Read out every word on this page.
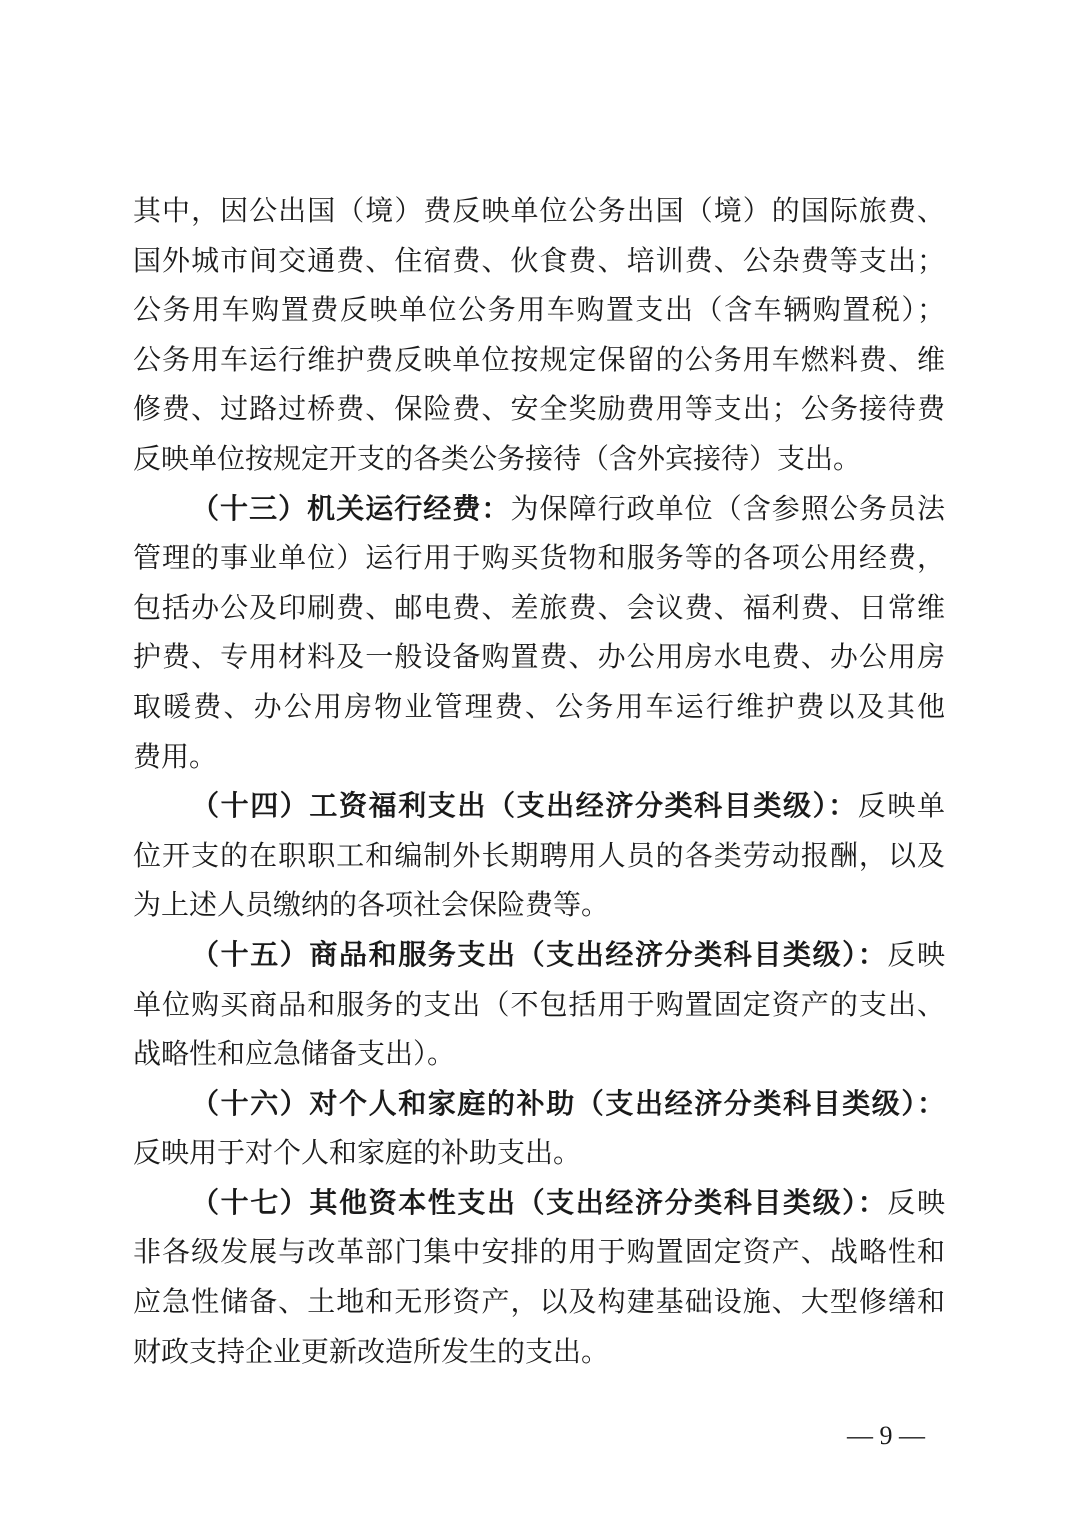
其中，因公出国（境）费反映单位公务出国（境）的国际旅费、
国外城市间交通费、住宿费、伙食费、培训费、公杂费等支出；
公务用车购置费反映单位公务用车购置支出（含车辆购置税）；
公务用车运行维护费反映单位按规定保留的公务用车燃料费、维
修费、过路过桥费、保险费、安全奖励费用等支出；公务接待费
反映单位按规定开支的各类公务接待（含外宾接待）支出。
（十三）机关运行经费：为保障行政单位（含参照公务员法
管理的事业单位）运行用于购买货物和服务等的各项公用经费，
包括办公及印刷费、邮电费、差旅费、会议费、福利费、日常维
护费、专用材料及一般设备购置费、办公用房水电费、办公用房
取暖费、办公用房物业管理费、公务用车运行维护费以及其他
费用。
（十四）工资福利支出（支出经济分类科目类级）：反映单
位开支的在职职工和编制外长期聘用人员的各类劳动报酬，以及
为上述人员缴纳的各项社会保险费等。
（十五）商品和服务支出（支出经济分类科目类级）：反映
单位购买商品和服务的支出（不包括用于购置固定资产的支出、
战略性和应急储备支出）。
（十六）对个人和家庭的补助（支出经济分类科目类级）：
反映用于对个人和家庭的补助支出。
（十七）其他资本性支出（支出经济分类科目类级）：反映
非各级发展与改革部门集中安排的用于购置固定资产、战略性和
应急性储备、土地和无形资产，以及构建基础设施、大型修缮和
财政支持企业更新改造所发生的支出。
— 9 —
